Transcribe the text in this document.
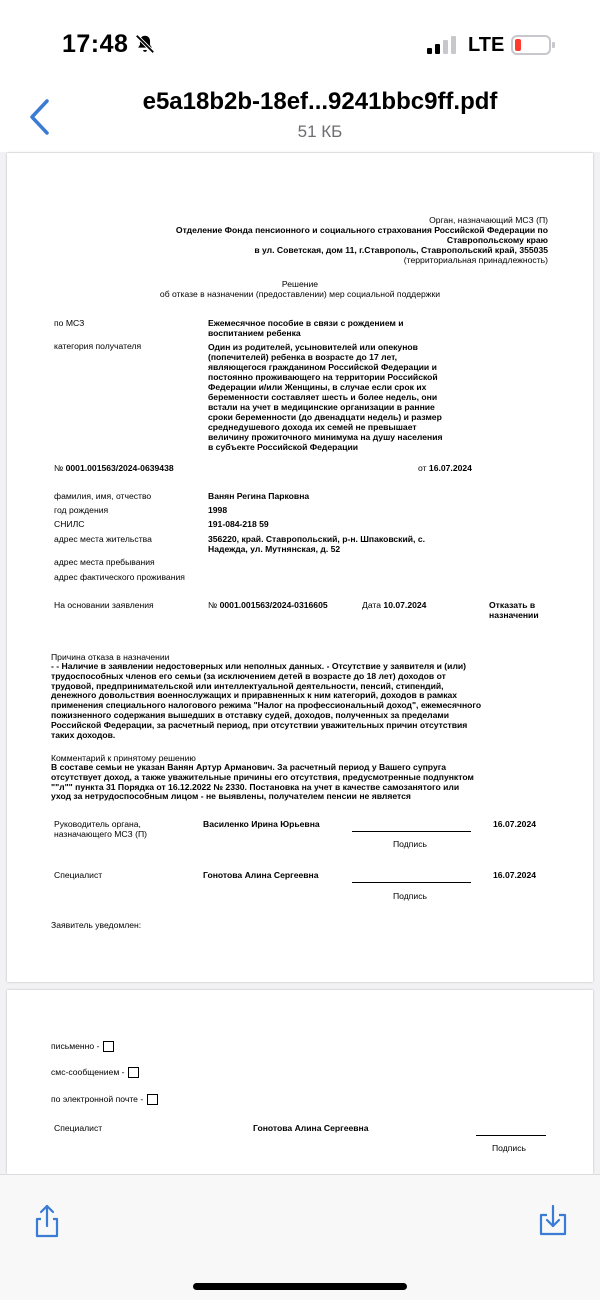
17:48	LTE
e5a18b2b-18ef...9241bbc9ff.pdf
51 КБ
Орган, назначающий МСЗ (П)
Отделение Фонда пенсионного и социального страхования Российской Федерации по
Ставропольскому краю
в ул. Советская, дом 11, г.Ставрополь, Ставропольский край, 355035
(территориальная принадлежность)
Решение
об отказе в назначении (предоставлении) мер социальной поддержки
по МСЗ	Ежемесячное пособие в связи с рождением и
воспитанием ребенка
категория получателя	Один из родителей, усыновителей или опекунов
(попечителей) ребенка в возрасте до 17 лет,
являющегося гражданином Российской Федерации и
постоянно проживающего на территории Российской
Федерации и/или Женщины, в случае если срок их
беременности составляет шесть и более недель, они
встали на учет в медицинские организации в ранние
сроки беременности (до двенадцати недель) и размер
среднедушевого дохода их семей не превышает
величину прожиточного минимума на душу населения
в субъекте Российской Федерации
№ 0001.001563/2024-0639438	от 16.07.2024
фамилия, имя, отчество	Ванян Регина Парковна
год рождения	1998
СНИЛС	191-084-218 59
адрес места жительства	356220, край. Ставропольский, р-н. Шпаковский, с.
Надежда, ул. Мутнянская, д. 52
адрес места пребывания
адрес фактического проживания
На основании заявления	№ 0001.001563/2024-0316605	Дата 10.07.2024	Отказать в
назначении
Причина отказа в назначении
- - Наличие в заявлении недостоверных или неполных данных. - Отсутствие у заявителя и (или)
трудоспособных членов его семьи (за исключением детей в возрасте до 18 лет) доходов от
трудовой, предпринимательской или интеллектуальной деятельности, пенсий, стипендий,
денежного довольствия военнослужащих и приравненных к ним категорий, доходов в рамках
применения специального налогового режима "Налог на профессиональный доход", ежемесячного
пожизненного содержания вышедших в отставку судей, доходов, полученных за пределами
Российской Федерации, за расчетный период, при отсутствии уважительных причин отсутствия
таких доходов.
Комментарий к принятому решению
В составе семьи не указан Ванян Артур Арманович. За расчетный период у Вашего супруга
отсутствует доход, а также уважительные причины его отсутствия, предусмотренные подпунктом
""л"" пункта 31 Порядка от 16.12.2022 № 2330. Постановка на учет в качестве самозанятого или
уход за нетрудоспособным лицом - не выявлены, получателем пенсии не является
Руководитель органа,
назначающего МСЗ (П)
Василенко Ирина Юрьевна	16.07.2024
Подпись
Специалист	Гонотова Алина Сергеевна	16.07.2024
Подпись
Заявитель уведомлен:
письменно -
смс-сообщением -
по электронной почте -
Специалист	Гонотова Алина Сергеевна
Подпись
